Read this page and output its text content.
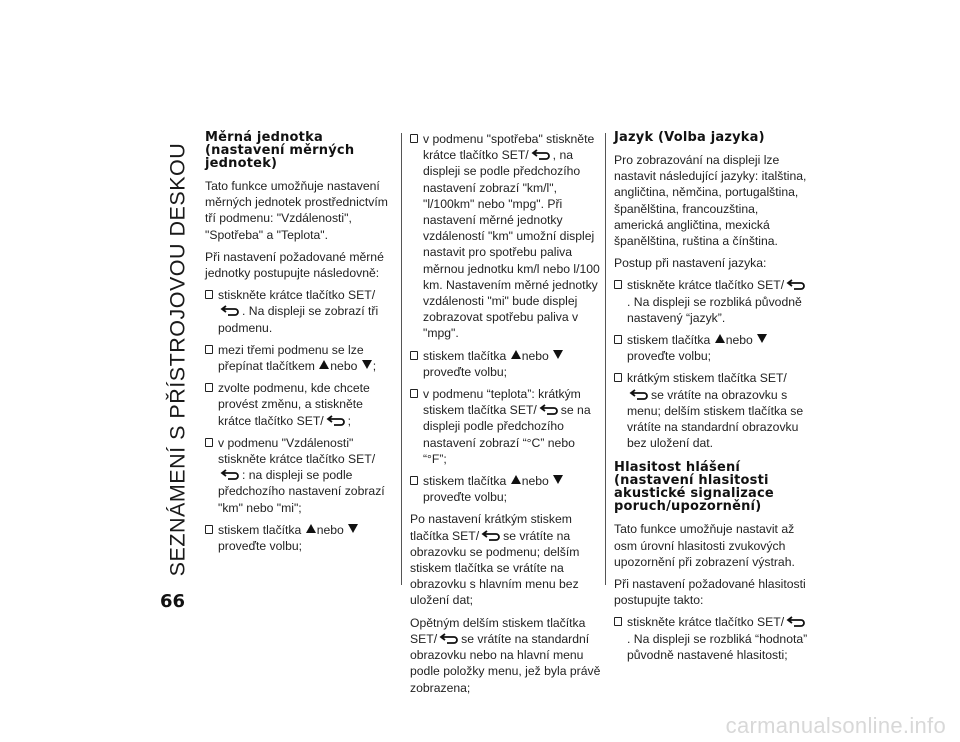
SEZNÁMENÍ S PŘÍSTROJOVOU DESKOU
Měrná jednotka
(nastavení měrných
jednotek)

Tato funkce umožňuje nastavení měrných jednotek prostřednictvím tří podmenu: "Vzdálenosti", "Spotřeba" a "Teplota".

Při nastavení požadované měrné jednotky postupujte následovně:

stiskněte krátce tlačítko SET/. Na displeji se zobrazí tři podmenu.
mezi třemi podmenu se lze přepínat tlačítkem nebo ;
zvolte podmenu, kde chcete provést změnu, a stiskněte krátce tlačítko SET/ ;
v podmenu "Vzdálenosti" stiskněte krátce tlačítko SET/: na displeji se podle předchozího nastavení zobrazí "km" nebo "mi";
stiskem tlačítka nebo proveďte volbu;
v podmenu "spotřeba" stiskněte krátce tlačítko SET/ , na displeji se podle předchozího nastavení zobrazí "km/l", "l/100km" nebo "mpg". Při nastavení měrné jednotky vzdáleností "km" umožní displej nastavit pro spotřebu paliva měrnou jednotku km/l nebo l/100 km. Nastavením měrné jednotky vzdálenosti "mi" bude displej zobrazovat spotřebu paliva v "mpg".
stiskem tlačítka nebo proveďte volbu;
v podmenu “teplota”: krátkým stiskem tlačítka SET/ se na displeji podle předchozího nastavení zobrazí “°C” nebo “°F”;
stiskem tlačítka nebo proveďte volbu;

Po nastavení krátkým stiskem tlačítka SET/ se vrátíte na obrazovku se podmenu; delším stiskem tlačítka se vrátíte na obrazovku s hlavním menu bez uložení dat;

Opětným delším stiskem tlačítka SET/ se vrátíte na standardní obrazovku nebo na hlavní menu podle položky menu, jež byla právě zobrazena;

Jazyk (Volba jazyka)

Pro zobrazování na displeji lze nastavit následující jazyky: italština, angličtina, němčina, portugalština, španělština, francouzština, americká angličtina, mexická španělština, ruština a čínština.

Postup při nastavení jazyka:

stiskněte krátce tlačítko SET/. Na displeji se rozbliká původně nastavený “jazyk”.
stiskem tlačítka nebo proveďte volbu;
krátkým stiskem tlačítka SET/se vrátíte na obrazovku s menu; delším stiskem tlačítka se vrátíte na standardní obrazovku bez uložení dat.
Hlasitost hlášení
(nastavení hlasitosti
akustické signalizace
poruch/upozornění)

Tato funkce umožňuje nastavit až osm úrovní hlasitosti zvukových upozornění při zobrazení výstrah.

Při nastavení požadované hlasitosti postupujte takto:

stiskněte krátce tlačítko SET/. Na displeji se rozbliká “hodnota” původně nastavené hlasitosti;
66
carmanualsonline.info
